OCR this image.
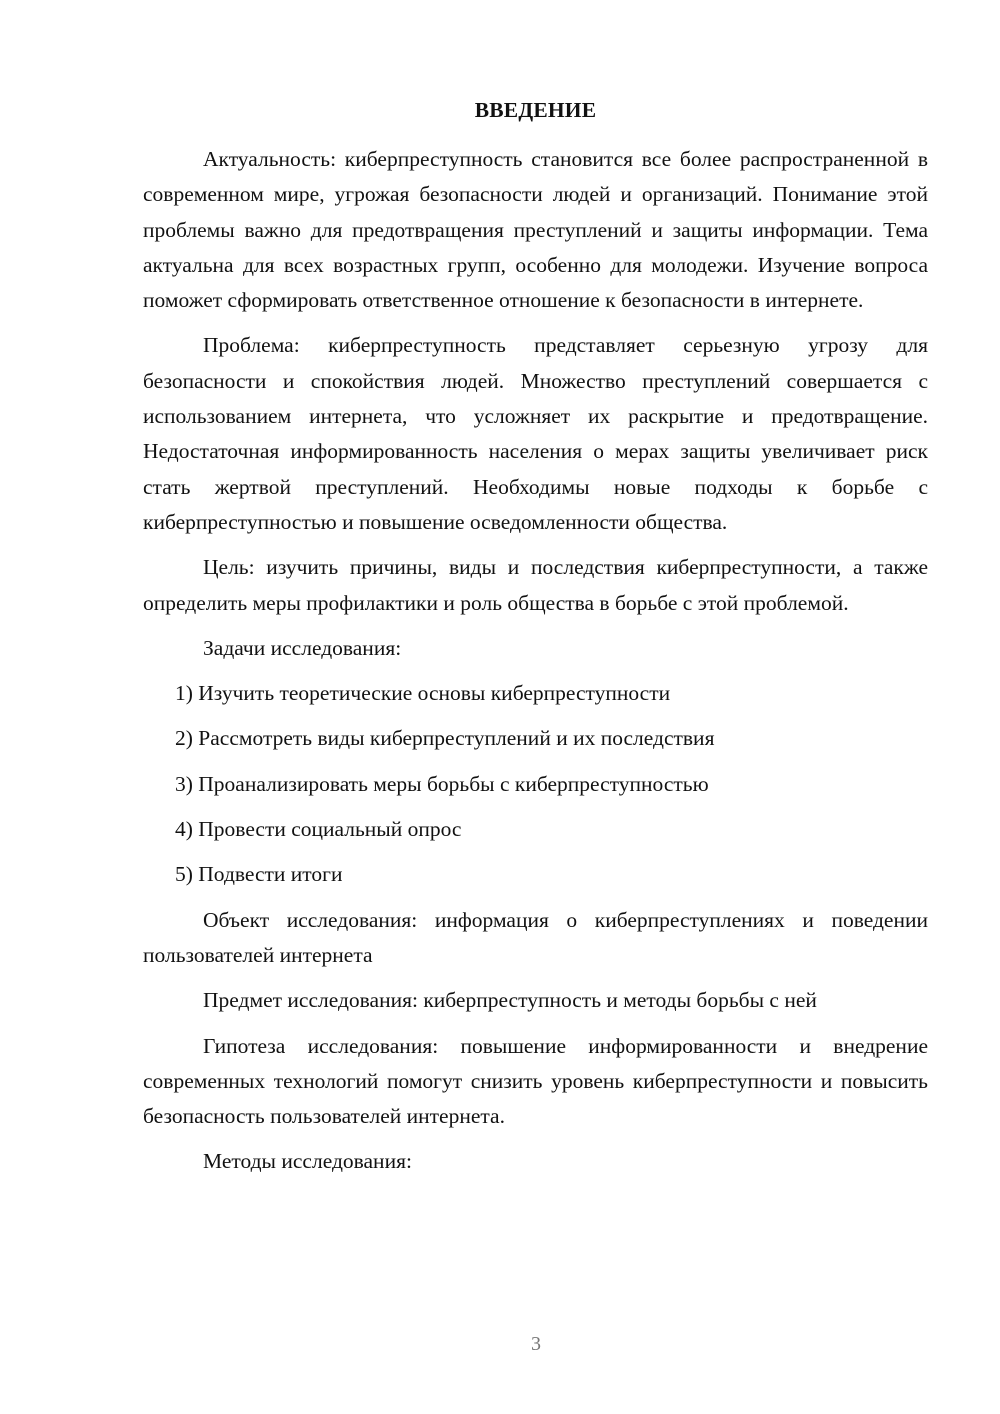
ВВЕДЕНИЕ

Актуальность: киберпреступность становится все более распространенной в современном мире, угрожая безопасности людей и организаций. Понимание этой проблемы важно для предотвращения преступлений и защиты информации. Тема актуальна для всех возрастных групп, особенно для молодежи. Изучение вопроса поможет сформировать ответственное отношение к безопасности в интернете.

Проблема: киберпреступность представляет серьезную угрозу для безопасности и спокойствия людей. Множество преступлений совершается с использованием интернета, что усложняет их раскрытие и предотвращение. Недостаточная информированность населения о мерах защиты увеличивает риск стать жертвой преступлений. Необходимы новые подходы к борьбе с киберпреступностью и повышение осведомленности общества.

Цель: изучить причины, виды и последствия киберпреступности, а также определить меры профилактики и роль общества в борьбе с этой проблемой.

Задачи исследования:

1) Изучить теоретические основы киберпреступности
2) Рассмотреть виды киберпреступлений и их последствия
3) Проанализировать меры борьбы с киберпреступностью
4) Провести социальный опрос
5) Подвести итоги

Объект исследования: информация о киберпреступлениях и поведении пользователей интернета

Предмет исследования: киберпреступность и методы борьбы с ней

Гипотеза исследования: повышение информированности и внедрение современных технологий помогут снизить уровень киберпреступности и повысить безопасность пользователей интернета.

Методы исследования:

3
